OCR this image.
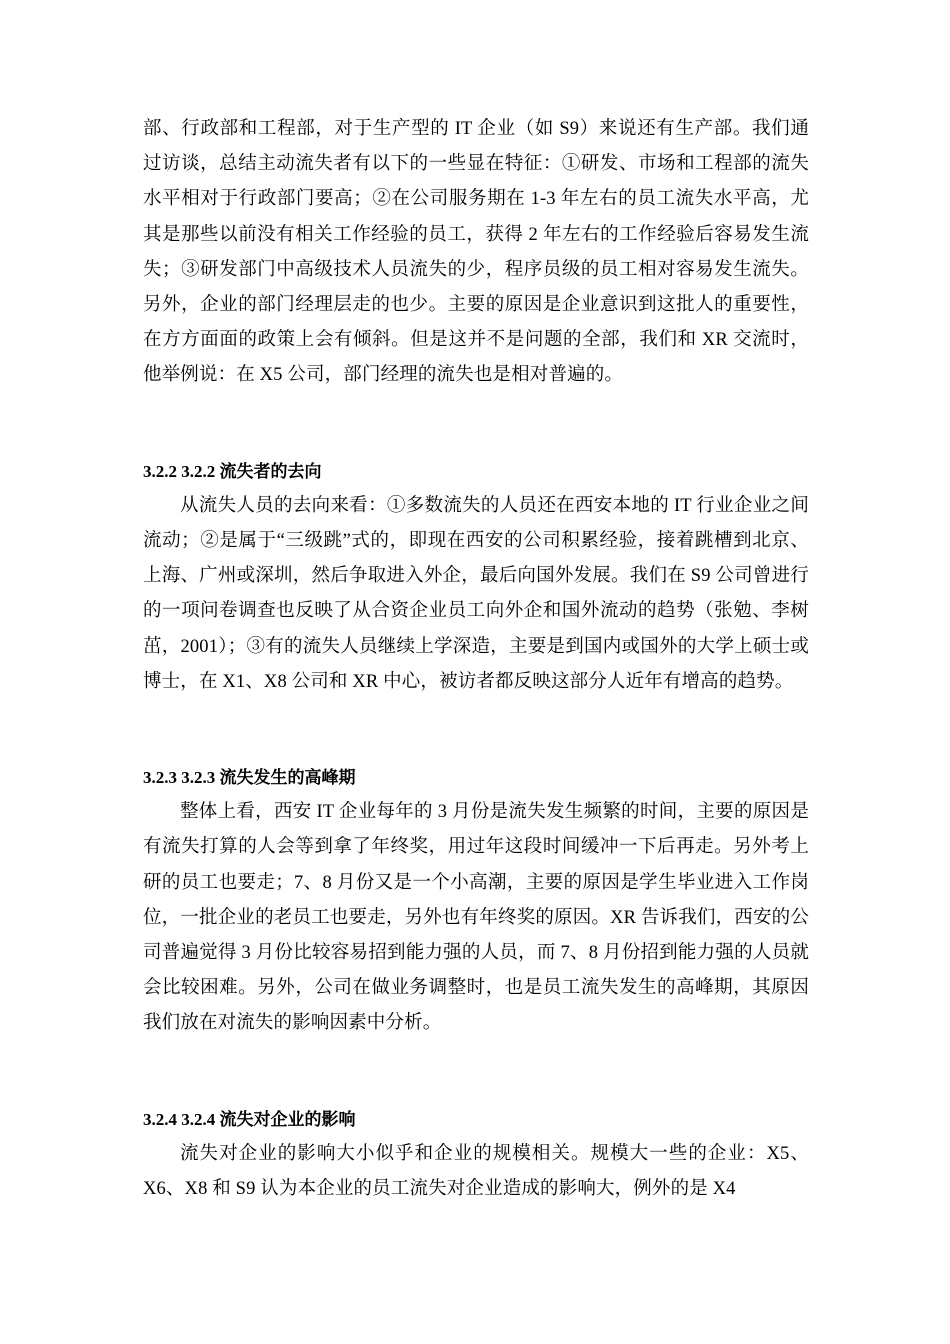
部、行政部和工程部，对于生产型的 IT 企业（如 S9）来说还有生产部。我们通过访谈，总结主动流失者有以下的一些显在特征：①研发、市场和工程部的流失水平相对于行政部门要高；②在公司服务期在 1-3 年左右的员工流失水平高，尤其是那些以前没有相关工作经验的员工，获得 2 年左右的工作经验后容易发生流失；③研发部门中高级技术人员流失的少，程序员级的员工相对容易发生流失。另外，企业的部门经理层走的也少。主要的原因是企业意识到这批人的重要性，在方方面面的政策上会有倾斜。但是这并不是问题的全部，我们和 XR 交流时，他举例说：在 X5 公司，部门经理的流失也是相对普遍的。

3.2.2 3.2.2 流失者的去向

从流失人员的去向来看：①多数流失的人员还在西安本地的 IT 行业企业之间流动；②是属于“三级跳”式的，即现在西安的公司积累经验，接着跳槽到北京、上海、广州或深圳，然后争取进入外企，最后向国外发展。我们在 S9 公司曾进行的一项问卷调查也反映了从合资企业员工向外企和国外流动的趋势（张勉、李树茁，2001）；③有的流失人员继续上学深造，主要是到国内或国外的大学上硕士或博士，在 X1、X8 公司和 XR 中心，被访者都反映这部分人近年有增高的趋势。

3.2.3 3.2.3 流失发生的高峰期

整体上看，西安 IT 企业每年的 3 月份是流失发生频繁的时间，主要的原因是有流失打算的人会等到拿了年终奖，用过年这段时间缓冲一下后再走。另外考上研的员工也要走；7、8 月份又是一个小高潮，主要的原因是学生毕业进入工作岗位，一批企业的老员工也要走，另外也有年终奖的原因。XR 告诉我们，西安的公司普遍觉得 3 月份比较容易招到能力强的人员，而 7、8 月份招到能力强的人员就会比较困难。另外，公司在做业务调整时，也是员工流失发生的高峰期，其原因我们放在对流失的影响因素中分析。

3.2.4 3.2.4 流失对企业的影响

流失对企业的影响大小似乎和企业的规模相关。规模大一些的企业：X5、X6、X8 和 S9 认为本企业的员工流失对企业造成的影响大，例外的是 X4
